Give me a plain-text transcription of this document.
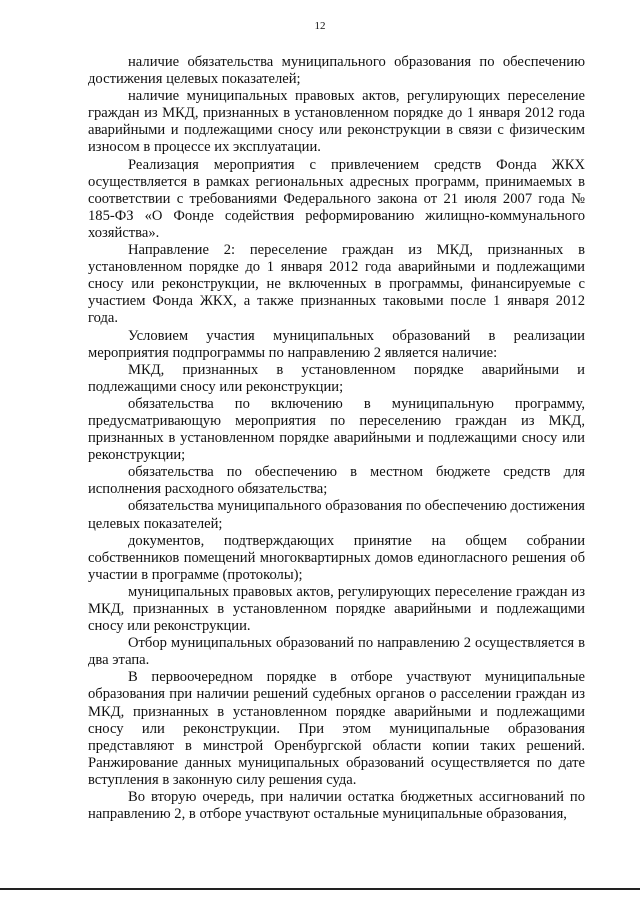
12

наличие обязательства муниципального образования по обеспечению достижения целевых показателей;

наличие муниципальных правовых актов, регулирующих переселение граждан из МКД, признанных в установленном порядке до 1 января 2012 года аварийными и подлежащими сносу или реконструкции в связи с физическим износом в процессе их эксплуатации.

Реализация мероприятия с привлечением средств Фонда ЖКХ осуществляется в рамках региональных адресных программ, принимаемых в соответствии с требованиями Федерального закона от 21 июля 2007 года № 185-ФЗ «О Фонде содействия реформированию жилищно-коммунального хозяйства».

Направление 2: переселение граждан из МКД, признанных в установленном порядке до 1 января 2012 года аварийными и подлежащими сносу или реконструкции, не включенных в программы, финансируемые с участием Фонда ЖКХ, а также признанных таковыми после 1 января 2012 года.

Условием участия муниципальных образований в реализации мероприятия подпрограммы по направлению 2 является наличие:

МКД, признанных в установленном порядке аварийными и подлежащими сносу или реконструкции;

обязательства по включению в муниципальную программу, предусматривающую мероприятия по переселению граждан из МКД, признанных в установленном порядке аварийными и подлежащими сносу или реконструкции;

обязательства по обеспечению в местном бюджете средств для исполнения расходного обязательства;

обязательства муниципального образования по обеспечению достижения целевых показателей;

документов, подтверждающих принятие на общем собрании собственников помещений многоквартирных домов единогласного решения об участии в программе (протоколы);

муниципальных правовых актов, регулирующих переселение граждан из МКД, признанных в установленном порядке аварийными и подлежащими сносу или реконструкции.

Отбор муниципальных образований по направлению 2 осуществляется в два этапа.

В первоочередном порядке в отборе участвуют муниципальные образования при наличии решений судебных органов о расселении граждан из МКД, признанных в установленном порядке аварийными и подлежащими сносу или реконструкции. При этом муниципальные образования представляют в минстрой Оренбургской области копии таких решений. Ранжирование данных муниципальных образований осуществляется по дате вступления в законную силу решения суда.

Во вторую очередь, при наличии остатка бюджетных ассигнований по направлению 2, в отборе участвуют остальные муниципальные образования,
